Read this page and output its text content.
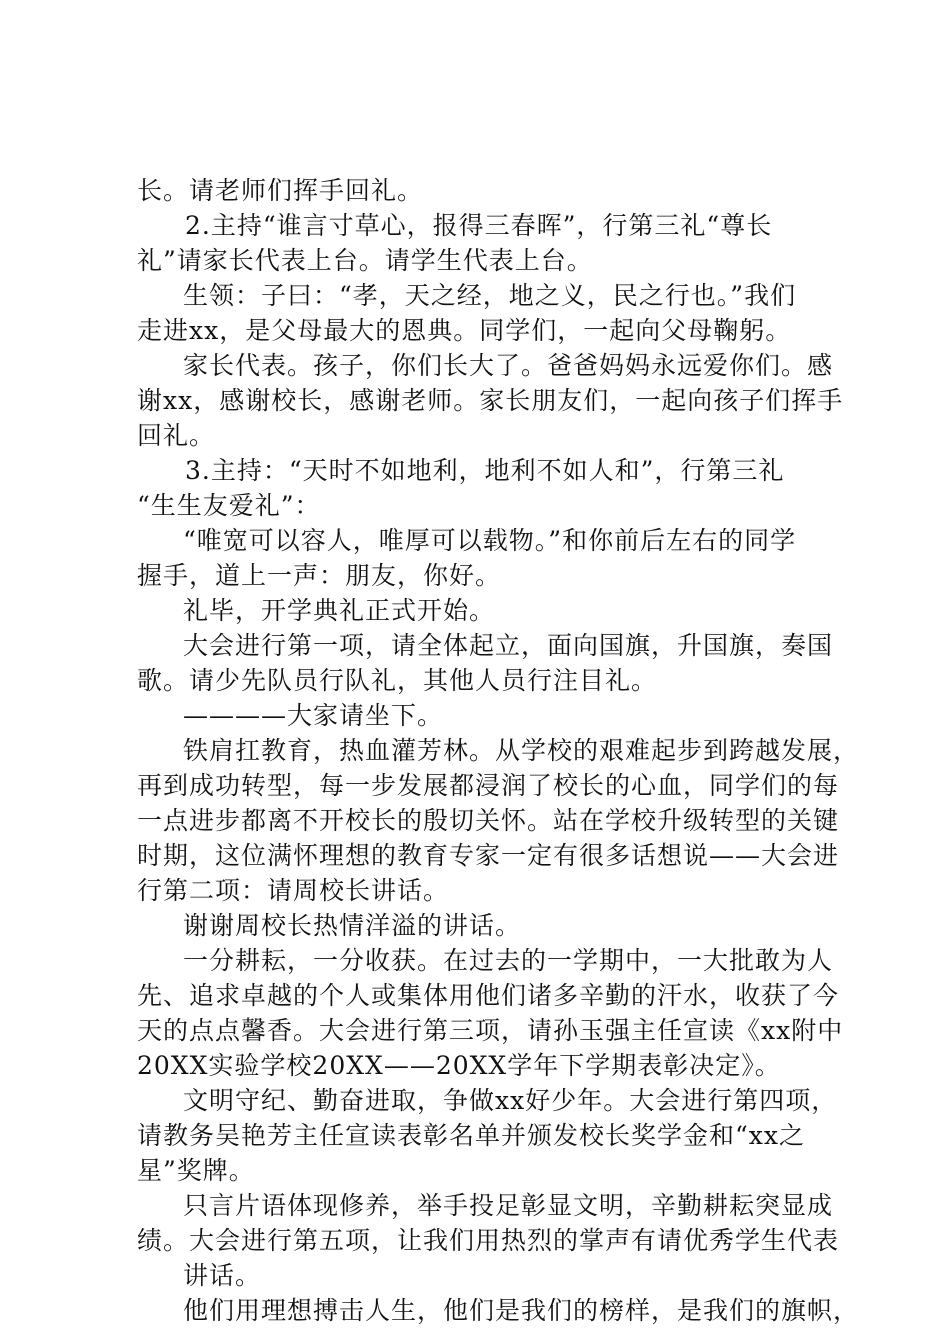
长。请老师们挥手回礼。
2.主持“谁言寸草心，报得三春晖”，行第三礼“尊长
礼”请家长代表上台。请学生代表上台。
生领：子曰：“孝，天之经，地之义，民之行也。”我们
走进xx，是父母最大的恩典。同学们，一起向父母鞠躬。
家长代表。孩子，你们长大了。爸爸妈妈永远爱你们。感
谢xx，感谢校长，感谢老师。家长朋友们，一起向孩子们挥手
回礼。
3.主持：“天时不如地利，地利不如人和”，行第三礼
“生生友爱礼”：
“唯宽可以容人，唯厚可以载物。”和你前后左右的同学
握手，道上一声：朋友，你好。
礼毕，开学典礼正式开始。
大会进行第一项，请全体起立，面向国旗，升国旗，奏国
歌。请少先队员行队礼，其他人员行注目礼。
————大家请坐下。
铁肩扛教育，热血灌芳林。从学校的艰难起步到跨越发展，
再到成功转型，每一步发展都浸润了校长的心血，同学们的每
一点进步都离不开校长的殷切关怀。站在学校升级转型的关键
时期，这位满怀理想的教育专家一定有很多话想说——大会进
行第二项：请周校长讲话。
谢谢周校长热情洋溢的讲话。
一分耕耘，一分收获。在过去的一学期中，一大批敢为人
先、追求卓越的个人或集体用他们诸多辛勤的汗水，收获了今
天的点点馨香。大会进行第三项，请孙玉强主任宣读《xx附中
20XX实验学校20XX——20XX学年下学期表彰决定》。
文明守纪、勤奋进取，争做xx好少年。大会进行第四项，
请教务吴艳芳主任宣读表彰名单并颁发校长奖学金和“xx之
星”奖牌。
只言片语体现修养，举手投足彰显文明，辛勤耕耘突显成
绩。大会进行第五项，让我们用热烈的掌声有请优秀学生代表
讲话。
他们用理想搏击人生，他们是我们的榜样，是我们的旗帜，
